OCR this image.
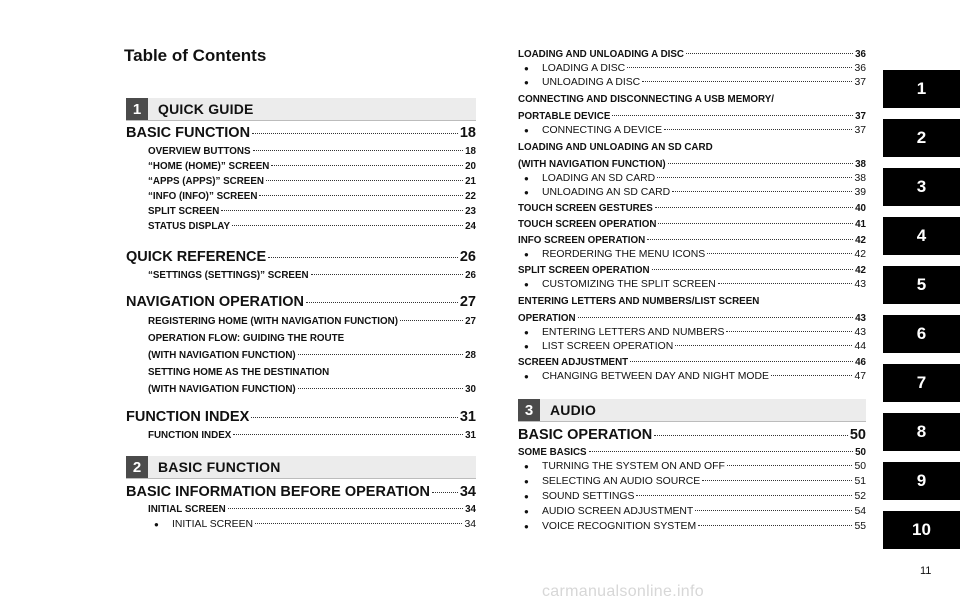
Table of Contents
1	QUICK GUIDE
BASIC FUNCTION	18
OVERVIEW BUTTONS	18
“HOME (HOME)” SCREEN	20
“APPS (APPS)” SCREEN	21
“INFO (INFO)” SCREEN	22
SPLIT SCREEN	23
STATUS DISPLAY	24
QUICK REFERENCE	26
“SETTINGS (SETTINGS)” SCREEN	26
NAVIGATION OPERATION	27
REGISTERING HOME (WITH NAVIGATION FUNCTION)	27
OPERATION FLOW: GUIDING THE ROUTE
(WITH NAVIGATION FUNCTION)	28
SETTING HOME AS THE DESTINATION
(WITH NAVIGATION FUNCTION)	30
FUNCTION INDEX	31
FUNCTION INDEX	31
2	BASIC FUNCTION
BASIC INFORMATION BEFORE OPERATION 34
INITIAL SCREEN	34
●	INITIAL SCREEN	34
LOADING AND UNLOADING A DISC	36
●	LOADING A DISC	36
●	UNLOADING A DISC	37
CONNECTING AND DISCONNECTING A USB MEMORY/
PORTABLE DEVICE	37
●	CONNECTING A DEVICE	37
LOADING AND UNLOADING AN SD CARD
(WITH NAVIGATION FUNCTION)	38
●	LOADING AN SD CARD	38
●	UNLOADING AN SD CARD	39
TOUCH SCREEN GESTURES	40
TOUCH SCREEN OPERATION	41
INFO SCREEN OPERATION	42
●	REORDERING THE MENU ICONS	42
SPLIT SCREEN OPERATION	42
●	CUSTOMIZING THE SPLIT SCREEN	43
ENTERING LETTERS AND NUMBERS/LIST SCREEN
OPERATION	43
●	ENTERING LETTERS AND NUMBERS	43
●	LIST SCREEN OPERATION	44
SCREEN ADJUSTMENT	46
●	CHANGING BETWEEN DAY AND NIGHT MODE	47
3	AUDIO
BASIC OPERATION	50
SOME BASICS	50
●	TURNING THE SYSTEM ON AND OFF	50
●	SELECTING AN AUDIO SOURCE	51
●	SOUND SETTINGS	52
●	AUDIO SCREEN ADJUSTMENT	54
●	VOICE RECOGNITION SYSTEM	55
1
2
3
4
5
6
7
8
9
10
11
carmanualsonline.info
